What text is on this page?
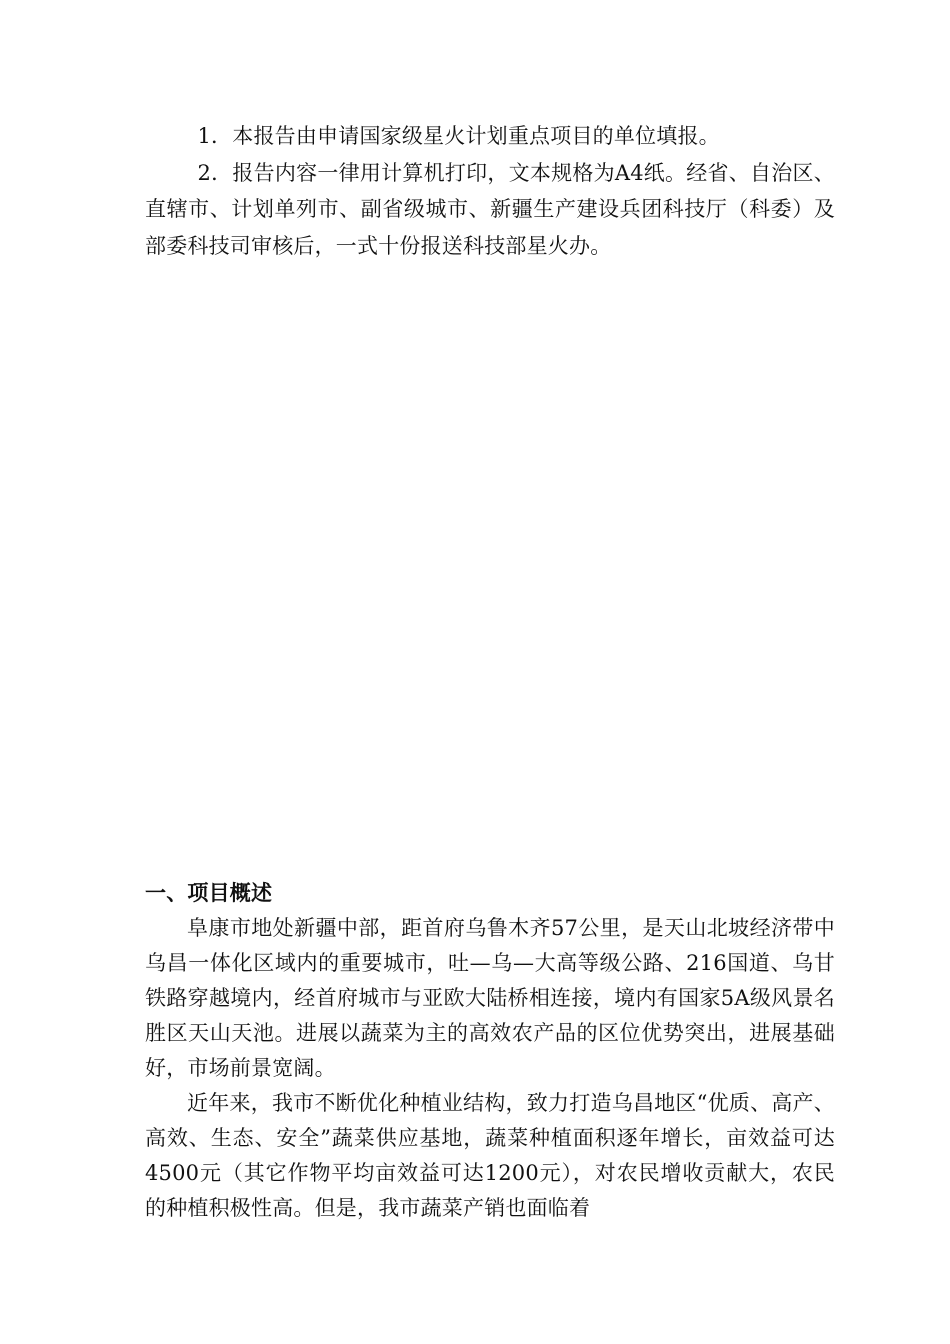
1．本报告由申请国家级星火计划重点项目的单位填报。

2．报告内容一律用计算机打印，文本规格为A4纸。经省、自治区、直辖市、计划单列市、副省级城市、新疆生产建设兵团科技厅（科委）及部委科技司审核后，一式十份报送科技部星火办。

一、项目概述

阜康市地处新疆中部，距首府乌鲁木齐57公里，是天山北坡经济带中乌昌一体化区域内的重要城市，吐—乌—大高等级公路、216国道、乌甘铁路穿越境内，经首府城市与亚欧大陆桥相连接，境内有国家5A级风景名胜区天山天池。进展以蔬菜为主的高效农产品的区位优势突出，进展基础好，市场前景宽阔。

近年来，我市不断优化种植业结构，致力打造乌昌地区“优质、高产、高效、生态、安全”蔬菜供应基地，蔬菜种植面积逐年增长，亩效益可达4500元（其它作物平均亩效益可达1200元），对农民增收贡献大，农民的种植积极性高。但是，我市蔬菜产销也面临着
